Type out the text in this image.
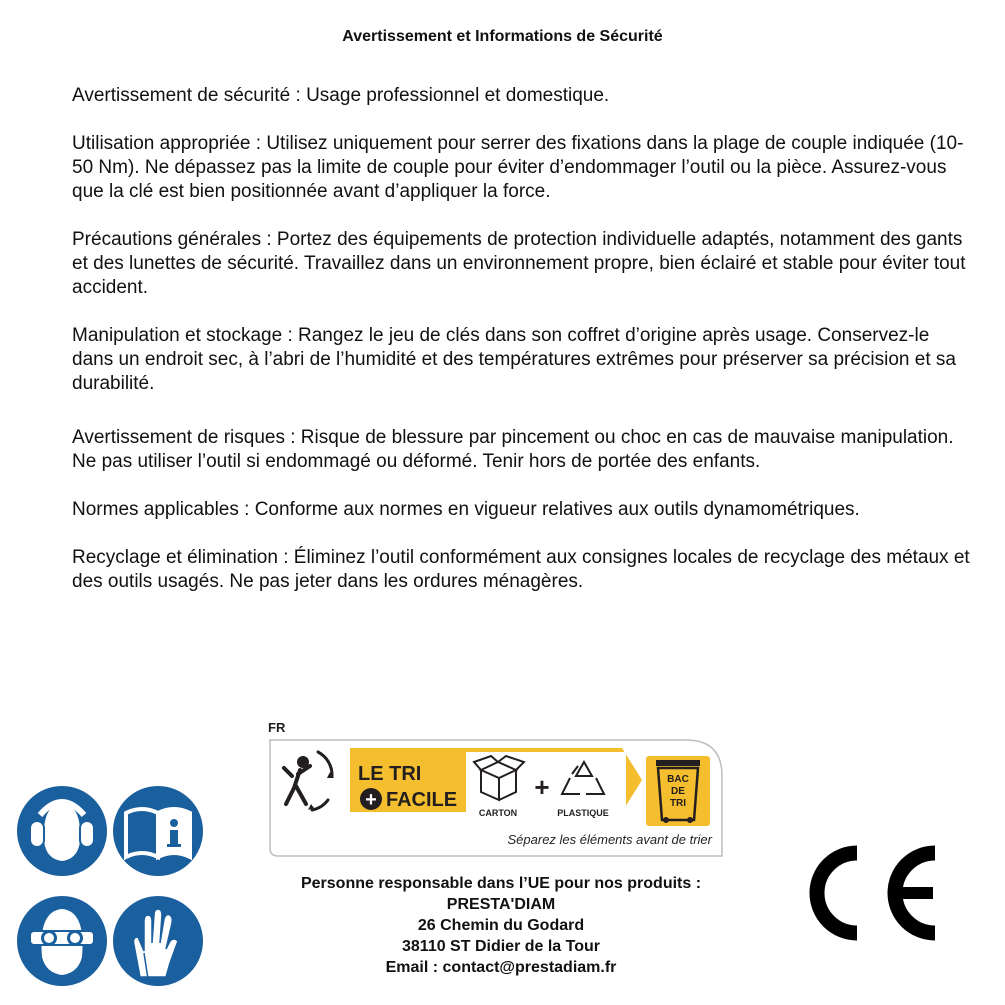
Avertissement et Informations de Sécurité

Avertissement de sécurité : Usage professionnel et domestique.

Utilisation appropriée : Utilisez uniquement pour serrer des fixations dans la plage de couple indiquée (10-50 Nm). Ne dépassez pas la limite de couple pour éviter d’endommager l’outil ou la pièce. Assurez-vous que la clé est bien positionnée avant d’appliquer la force.

Précautions générales : Portez des équipements de protection individuelle adaptés, notamment des gants et des lunettes de sécurité. Travaillez dans un environnement propre, bien éclairé et stable pour éviter tout accident.

Manipulation et stockage : Rangez le jeu de clés dans son coffret d’origine après usage. Conservez-le dans un endroit sec, à l’abri de l’humidité et des températures extrêmes pour préserver sa précision et sa durabilité.

Avertissement de risques : Risque de blessure par pincement ou choc en cas de mauvaise manipulation. Ne pas utiliser l’outil si endommagé ou déformé. Tenir hors de portée des enfants.

Normes applicables : Conforme aux normes en vigueur relatives aux outils dynamométriques.

Recyclage et élimination : Éliminez l’outil conformément aux consignes locales de recyclage des métaux et des outils usagés. Ne pas jeter dans les ordures ménagères.

FR
LE TRI
+ FACILE
CARTON
+
PLASTIQUE
BAC
DE
TRI
Séparez les éléments avant de trier
Personne responsable dans l’UE pour nos produits :
PRESTA'DIAM
26 Chemin du Godard
38110 ST Didier de la Tour
Email : contact@prestadiam.fr
